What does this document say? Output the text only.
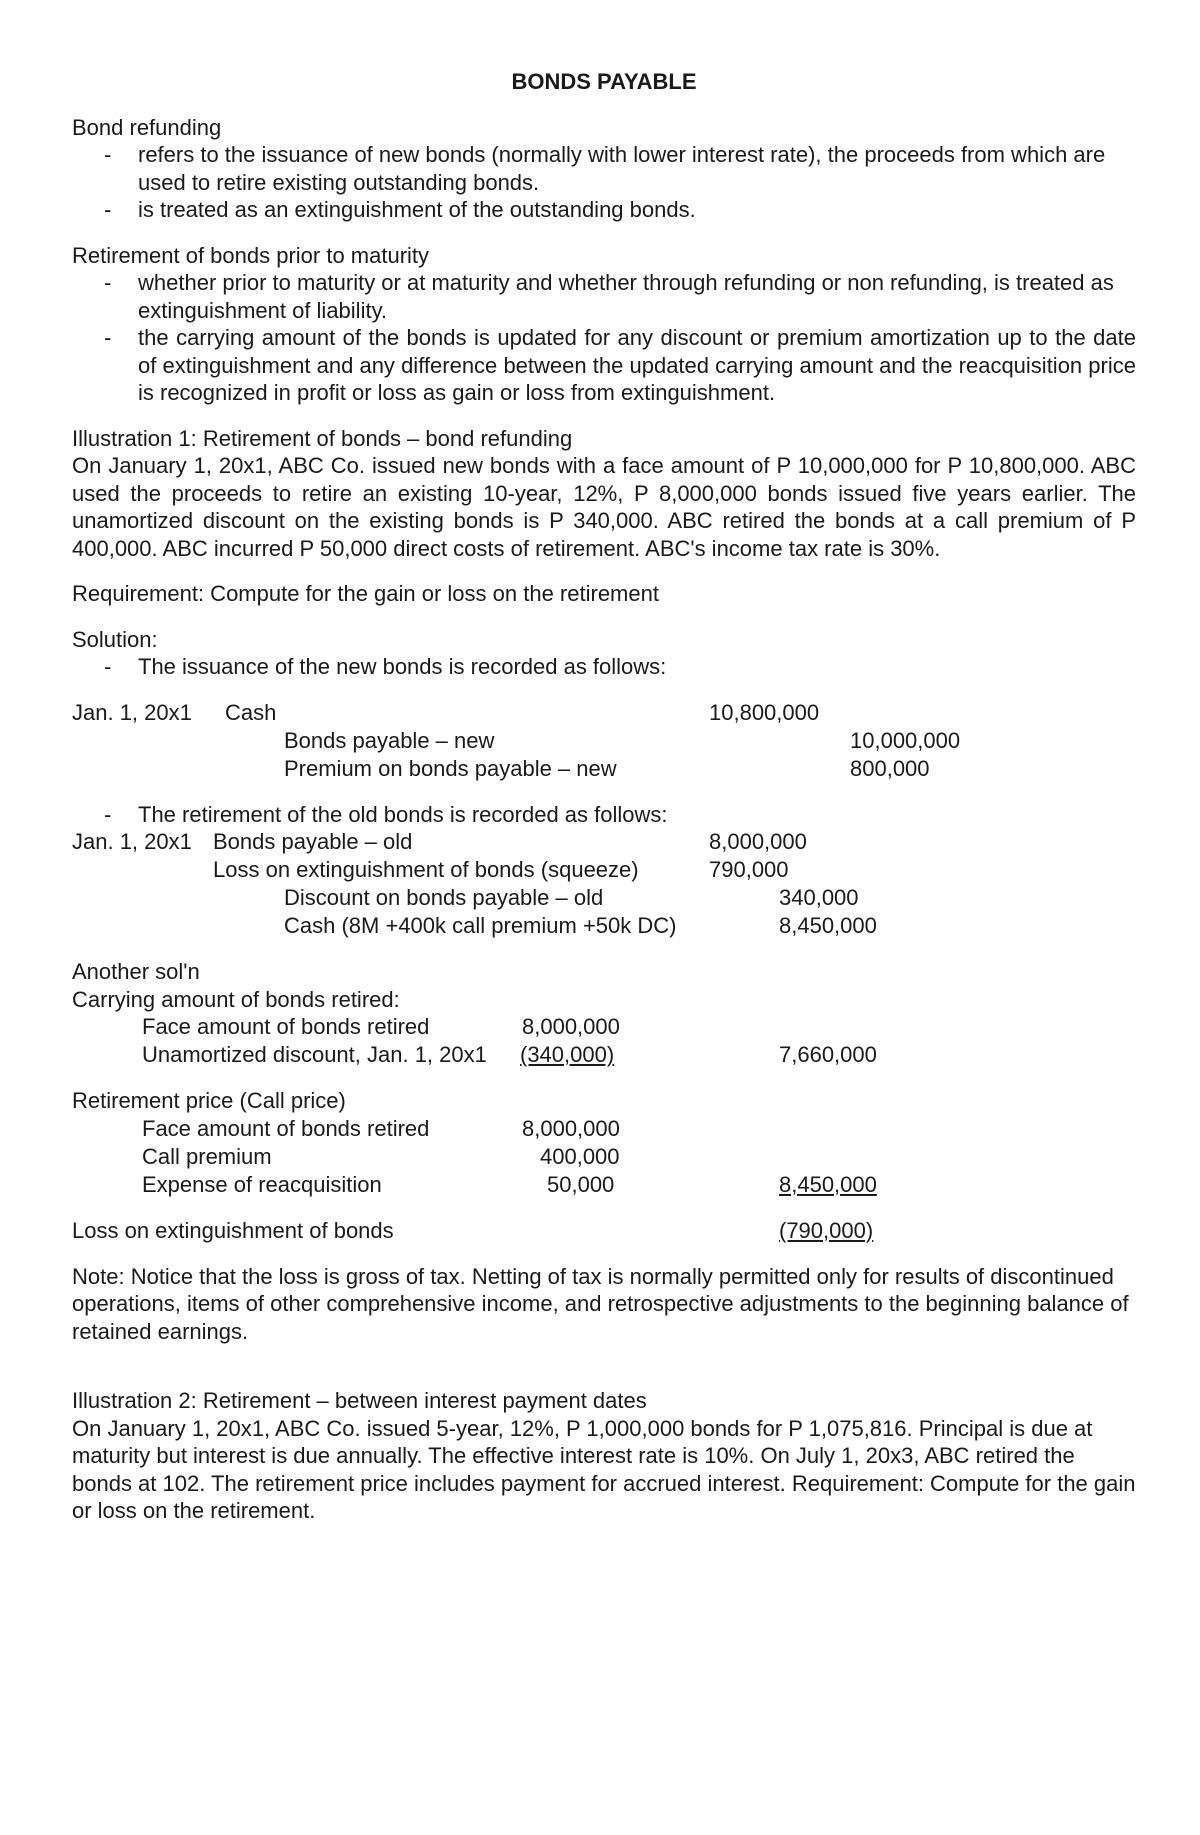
BONDS PAYABLE

Bond refunding

-	refers to the issuance of new bonds (normally with lower interest rate), the proceeds from which are used to retire existing outstanding bonds.
-	is treated as an extinguishment of the outstanding bonds.

Retirement of bonds prior to maturity

-	whether prior to maturity or at maturity and whether through refunding or non refunding, is treated as extinguishment of liability.
-	the carrying amount of the bonds is updated for any discount or premium amortization up to the date of extinguishment and any difference between the updated carrying amount and the reacquisition price is recognized in profit or loss as gain or loss from extinguishment.

Illustration 1: Retirement of bonds – bond refunding

On January 1, 20x1, ABC Co. issued new bonds with a face amount of P 10,000,000 for P 10,800,000. ABC used the proceeds to retire an existing 10-year, 12%, P 8,000,000 bonds issued five years earlier. The unamortized discount on the existing bonds is P 340,000. ABC retired the bonds at a call premium of P 400,000. ABC incurred P 50,000 direct costs of retirement. ABC's income tax rate is 30%.

Requirement: Compute for the gain or loss on the retirement

Solution:

-	The issuance of the new bonds is recorded as follows:
Jan. 1, 20x1 Cash	10,800,000
Bonds payable – new	10,000,000
Premium on bonds payable – new	800,000
-	The retirement of the old bonds is recorded as follows:
Jan. 1, 20x1 Bonds payable – old	8,000,000
Loss on extinguishment of bonds (squeeze)	790,000
Discount on bonds payable – old	340,000
Cash (8M +400k call premium +50k DC)	8,450,000

Another sol'n

Carrying amount of bonds retired:

Face amount of bonds retired	8,000,000
Unamortized discount, Jan. 1, 20x1 (340,000)	7,660,000

Retirement price (Call price)

Face amount of bonds retired	8,000,000
Call premium	400,000
Expense of reacquisition	50,000	8,450,000
Loss on extinguishment of bonds	(790,000)

Note: Notice that the loss is gross of tax. Netting of tax is normally permitted only for results of discontinued operations, items of other comprehensive income, and retrospective adjustments to the beginning balance of retained earnings.

Illustration 2: Retirement – between interest payment dates

On January 1, 20x1, ABC Co. issued 5-year, 12%, P 1,000,000 bonds for P 1,075,816. Principal is due at maturity but interest is due annually. The effective interest rate is 10%. On July 1, 20x3, ABC retired the bonds at 102. The retirement price includes payment for accrued interest. Requirement: Compute for the gain or loss on the retirement.
